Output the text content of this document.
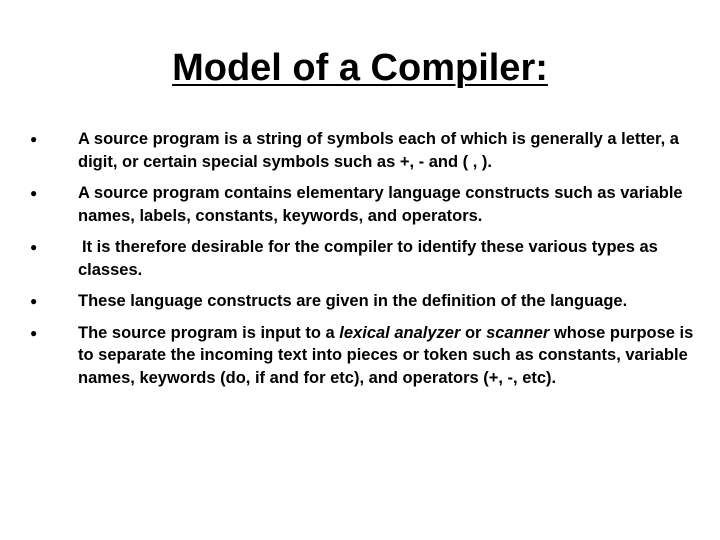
Model of a Compiler:
● A source program is a string of symbols each of which is generally a letter, a digit, or certain special symbols such as +, - and ( , ).
● A source program contains elementary language constructs such as variable names, labels, constants, keywords, and operators.
●	It is therefore desirable for the compiler to identify these various types as classes.
● These language constructs are given in the definition of the language.
● The source program is input to a lexical analyzer or scanner whose purpose is to separate the incoming text into pieces or token such as constants, variable names, keywords (do, if and for etc), and operators (+, -, etc).
